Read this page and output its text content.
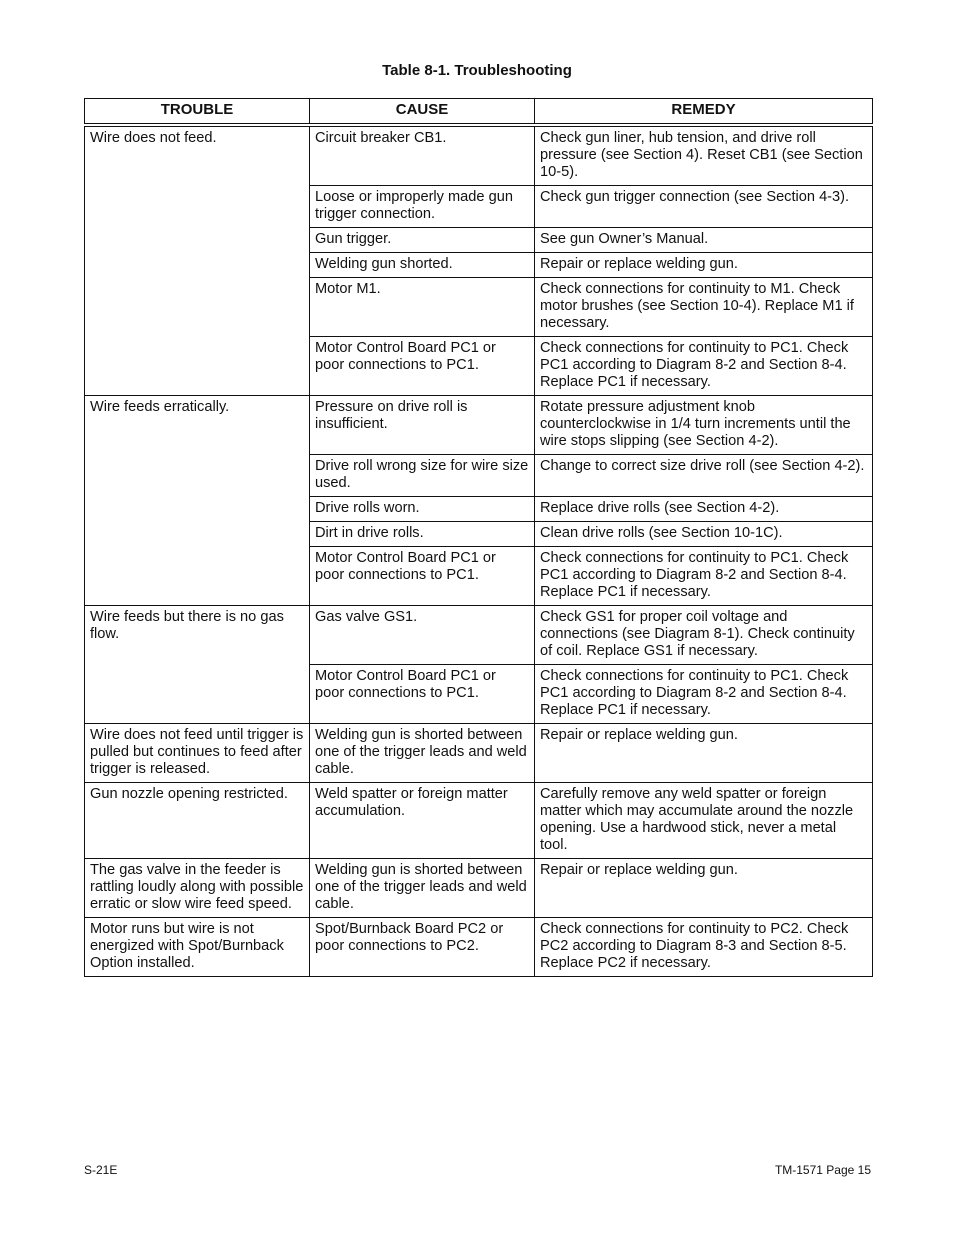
Table 8-1. Troubleshooting
TROUBLE	CAUSE	REMEDY
Wire does not feed.	Circuit breaker CB1.	Check gun liner, hub tension, and drive roll pressure (see Section 4). Reset CB1 (see Section 10-5).
	Loose or improperly made gun trigger connection.	Check gun trigger connection (see Section 4-3).
	Gun trigger.	See gun Owner’s Manual.
	Welding gun shorted.	Repair or replace welding gun.
	Motor M1.	Check connections for continuity to M1. Check motor brushes (see Section 10-4). Replace M1 if necessary.
	Motor Control Board PC1 or poor connections to PC1.	Check connections for continuity to PC1. Check PC1 according to Diagram 8-2 and Section 8-4. Replace PC1 if necessary.
Wire feeds erratically.	Pressure on drive roll is insufficient.	Rotate pressure adjustment knob counterclockwise in 1/4 turn increments until the wire stops slipping (see Section 4-2).
	Drive roll wrong size for wire size used.	Change to correct size drive roll (see Section 4-2).
	Drive rolls worn.	Replace drive rolls (see Section 4-2).
	Dirt in drive rolls.	Clean drive rolls (see Section 10-1C).
	Motor Control Board PC1 or poor connections to PC1.	Check connections for continuity to PC1. Check PC1 according to Diagram 8-2 and Section 8-4. Replace PC1 if necessary.
Wire feeds but there is no gas flow.	Gas valve GS1.	Check GS1 for proper coil voltage and connections (see Diagram 8-1). Check continuity of coil. Replace GS1 if necessary.
	Motor Control Board PC1 or poor connections to PC1.	Check connections for continuity to PC1. Check PC1 according to Diagram 8-2 and Section 8-4. Replace PC1 if necessary.
Wire does not feed until trigger is pulled but continues to feed after trigger is released.	Welding gun is shorted between one of the trigger leads and weld cable.	Repair or replace welding gun.
Gun nozzle opening restricted.	Weld spatter or foreign matter accumulation.	Carefully remove any weld spatter or foreign matter which may accumulate around the nozzle opening. Use a hardwood stick, never a metal tool.
The gas valve in the feeder is rattling loudly along with possible erratic or slow wire feed speed.	Welding gun is shorted between one of the trigger leads and weld cable.	Repair or replace welding gun.
Motor runs but wire is not energized with Spot/Burnback Option installed.	Spot/Burnback Board PC2 or poor connections to PC2.	Check connections for continuity to PC2. Check PC2 according to Diagram 8-3 and Section 8-5. Replace PC2 if necessary.
S-21E	TM-1571 Page 15
